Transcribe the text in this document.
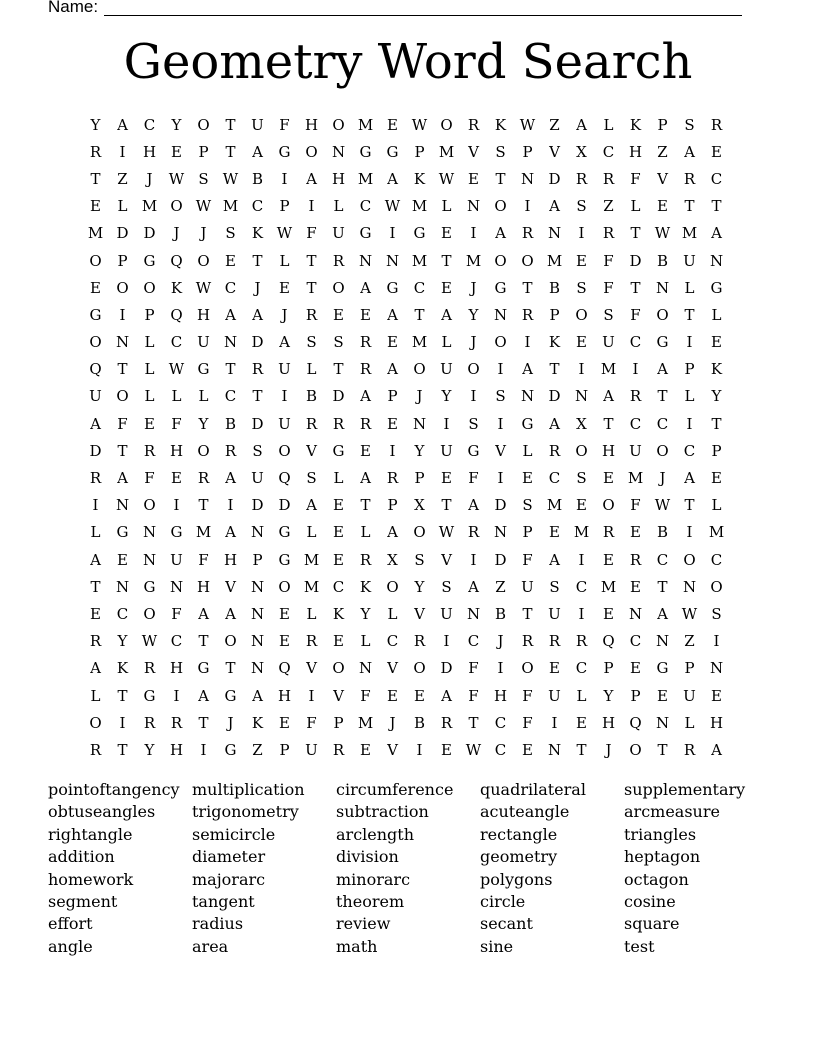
Name:
Geometry Word Search
Y	A	C	Y	O	T	U	F	H O M E W O	R	K W Z	A	L	K	P	S	R
R	I	H E	P	T	A	G O N G	G	P M V	S	P	V	X	C H	Z	A	E
T	Z	J	W S W B	I	A	H M A	K W E	T	N D	R	R	F	V	R	C
E	L M O W M C	P	I	L	C W M L	N O	I	A	S	Z	L	E	T	T
M D D	J	J	S	K W F	U G	I	G	E	I	A	R N	I	R	T W M A
O	P	G Q O	E	T	L	T	R N N M T M O O M E	F	D	B	U N
E	O O	K W C	J	E	T	O	A	G	C	E	J	G	T	B	S	F	T	N	L	G
G	I	P	Q H	A	A	J	R	E	E	A	T	A	Y	N R	P	O	S	F	O	T	L
O N	L	C U N D	A	S	S	R	E M L	J	O	I	K	E	U C	G	I	E
Q	T	L W G	T	R	U	L	T	R	A	O U O	I	A	T	I	M	I	A	P	K
U O	L	L	L	C	T	I	B	D	A	P	J	Y	I	S	N D N	A	R	T	L	Y
A	F	E	F	Y	B	D U	R	R	R	E N	I	S	I	G	A	X	T	C	C	I	T
D	T	R H O	R	S	O	V	G	E	I	Y	U G	V	L	R	O H U O	C	P
R	A	F	E	R	A	U Q	S	L	A	R	P	E	F	I	E	C	S	E M	J	A	E
I	N O	I	T	I	D D	A	E	T	P	X	T	A	D	S M E	O	F W T	L
L	G N G M A	N G	L	E	L	A	O W R N	P	E M R	E	B	I	M
A	E N U	F	H	P	G M E	R	X	S	V	I	D	F	A	I	E	R	C	O	C
T	N G N H	V	N O M C	K	O	Y	S	A	Z	U	S	C M E	T	N O
E	C	O	F	A	A	N E	L	K	Y	L	V	U N B	T	U	I	E N	A W S
R	Y W C	T	O N E	R	E	L	C	R	I	C	J	R	R	R	Q	C N	Z	I
A	K	R H G	T	N Q	V	O N	V	O D	F	I	O	E	C	P	E	G	P	N
L	T	G	I	A	G	A	H	I	V	F	E	E	A	F	H	F	U	L	Y	P	E	U	E
O	I	R	R	T	J	K	E	F	P M	J	B	R	T	C	F	I	E H Q N	L	H
R	T	Y	H	I	G	Z	P	U	R	E	V	I	E W C	E N	T	J	O	T	R	A
pointoftangency multiplication	circumference	quadrilateral	supplementary
obtuseangles	trigonometry	subtraction	acuteangle	arcmeasure
rightangle	semicircle	arclength	rectangle	triangles
addition	diameter	division	geometry	heptagon
homework	majorarc	minorarc	polygons	octagon
segment	tangent	theorem	circle	cosine
effort	radius	review	secant	square
angle	area	math	sine	test
